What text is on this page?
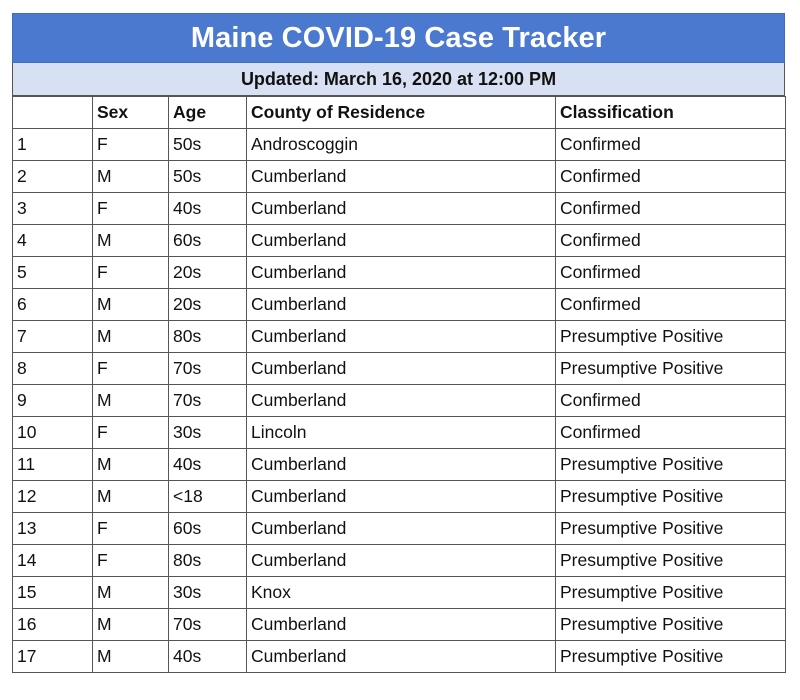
Maine COVID-19 Case Tracker
Updated: March 16, 2020 at 12:00 PM
	Sex	Age	County of Residence	Classification
1	F	50s	Androscoggin	Confirmed
2	M	50s	Cumberland	Confirmed
3	F	40s	Cumberland	Confirmed
4	M	60s	Cumberland	Confirmed
5	F	20s	Cumberland	Confirmed
6	M	20s	Cumberland	Confirmed
7	M	80s	Cumberland	Presumptive Positive
8	F	70s	Cumberland	Presumptive Positive
9	M	70s	Cumberland	Confirmed
10	F	30s	Lincoln	Confirmed
11	M	40s	Cumberland	Presumptive Positive
12	M	<18	Cumberland	Presumptive Positive
13	F	60s	Cumberland	Presumptive Positive
14	F	80s	Cumberland	Presumptive Positive
15	M	30s	Knox	Presumptive Positive
16	M	70s	Cumberland	Presumptive Positive
17	M	40s	Cumberland	Presumptive Positive
